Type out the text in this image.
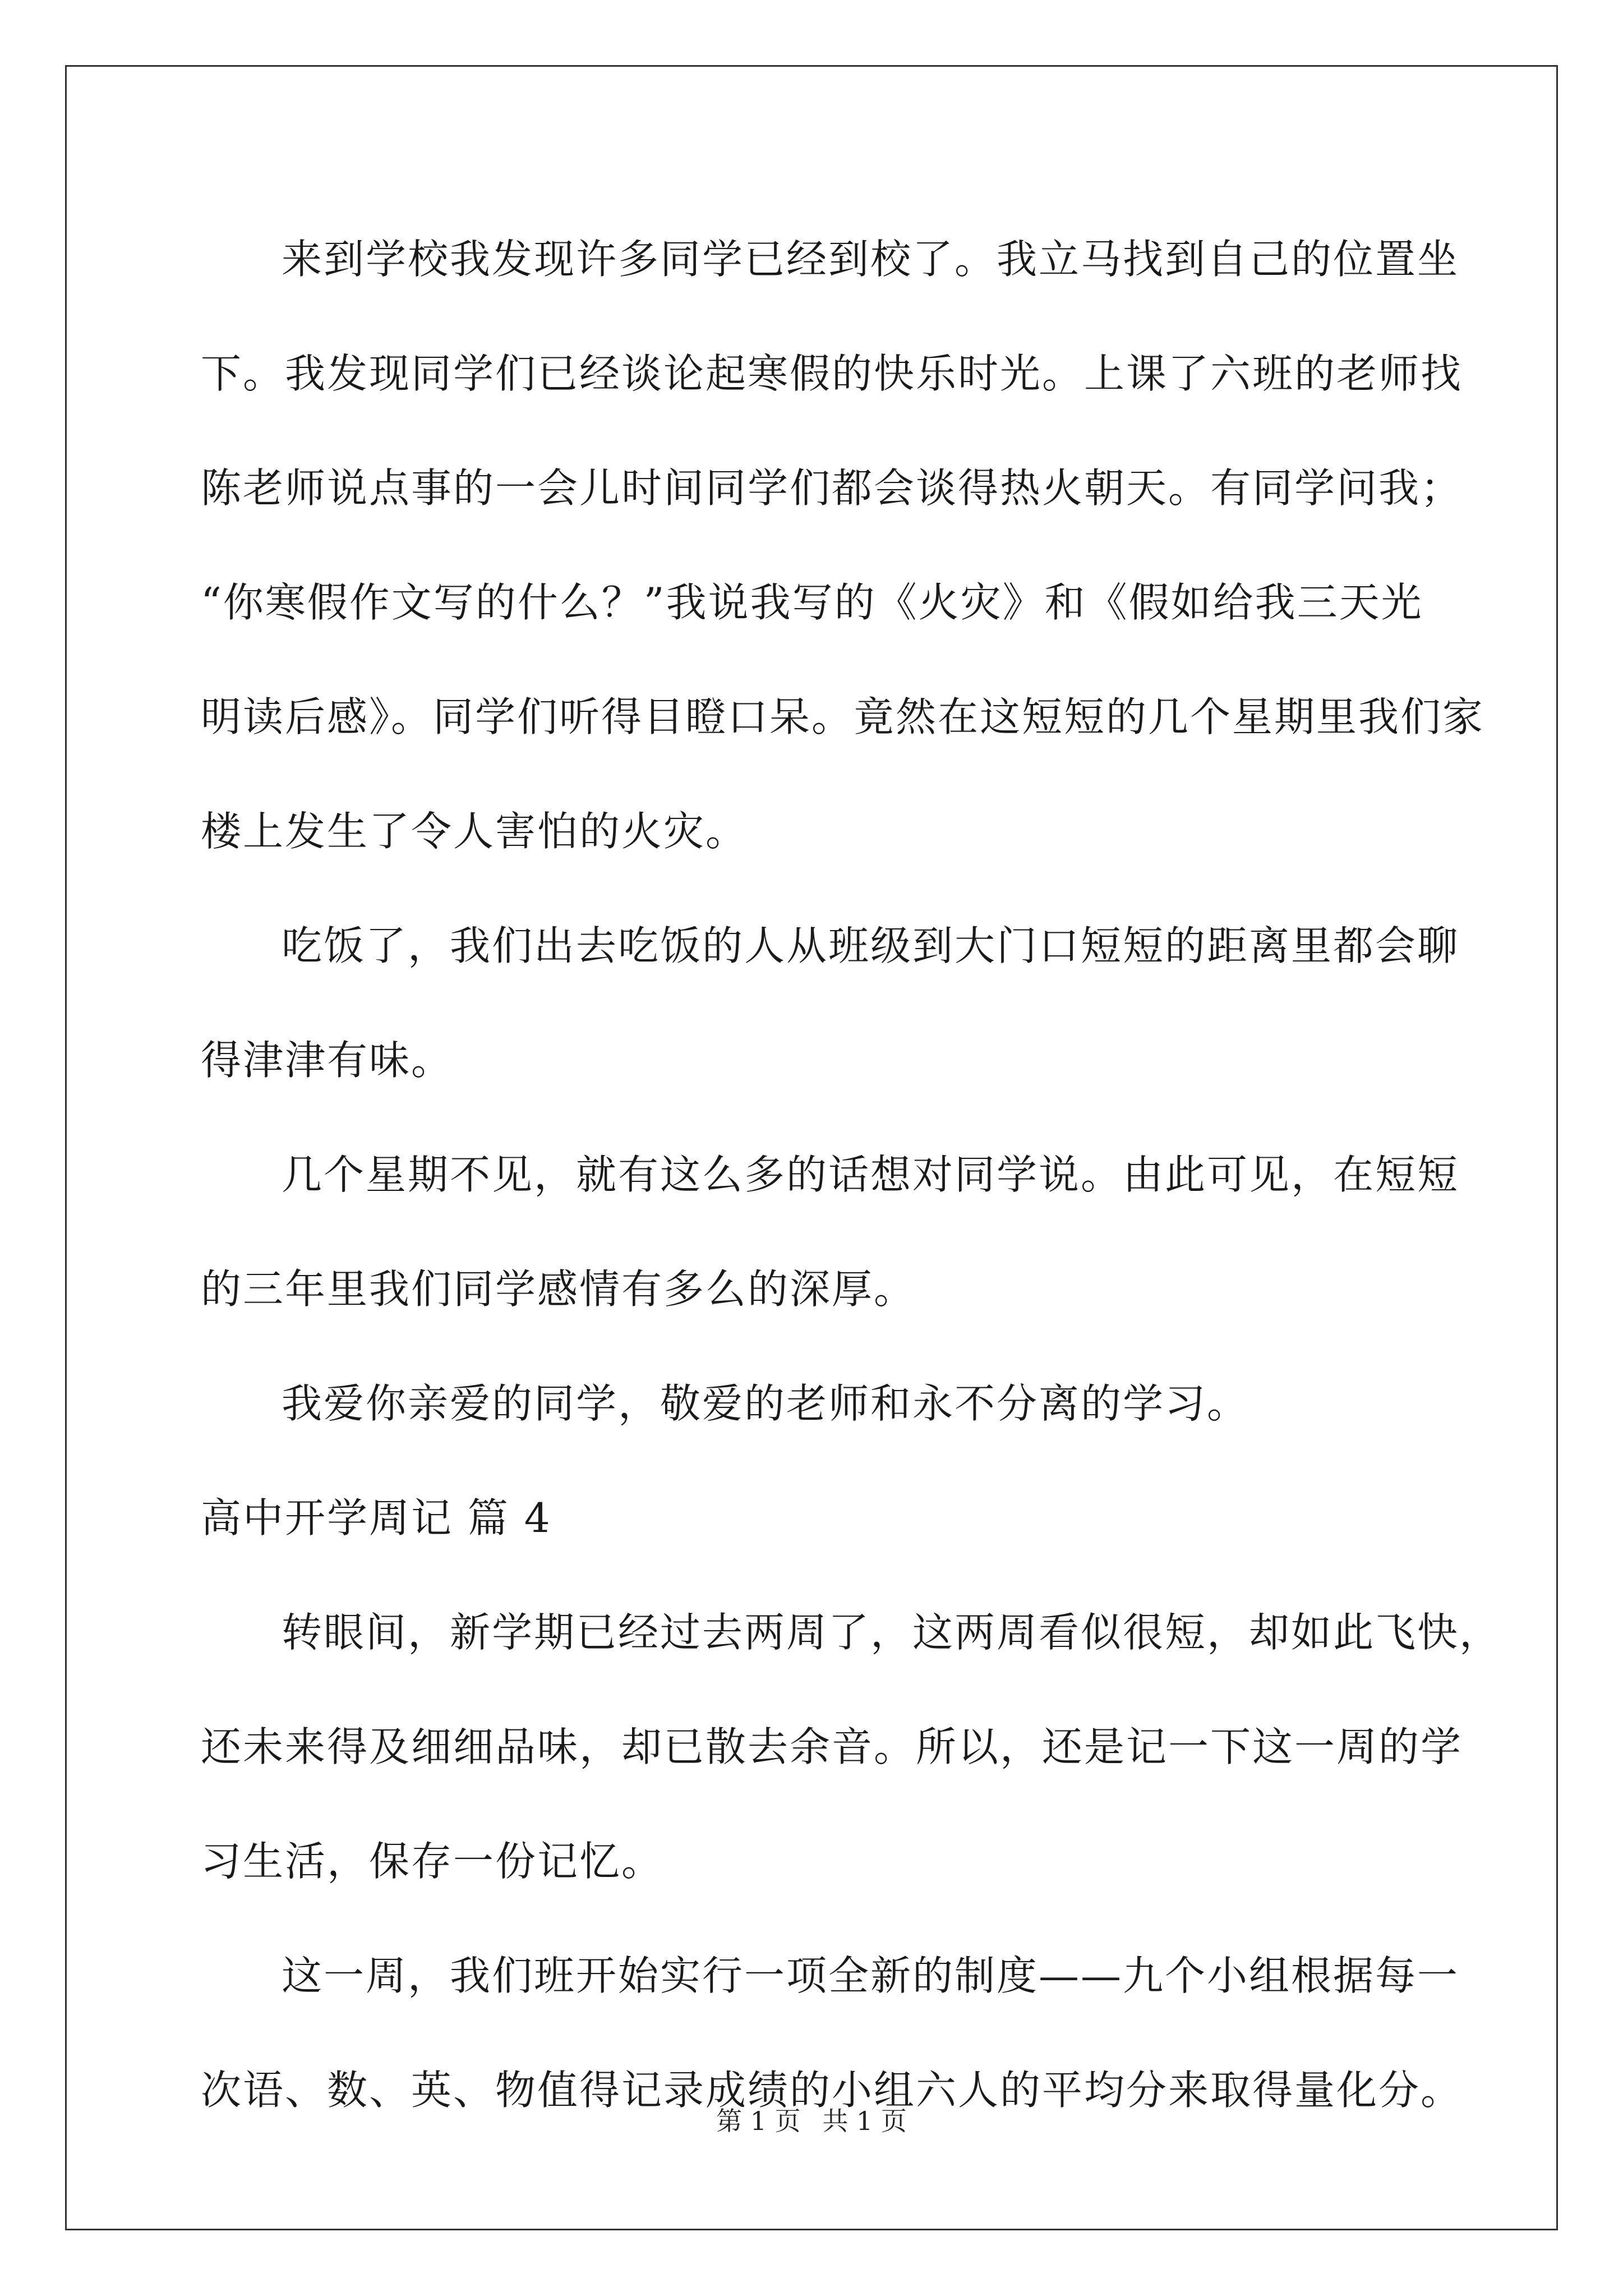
来到学校我发现许多同学已经到校了。我立马找到自己的位置坐
下。我发现同学们已经谈论起寒假的快乐时光。上课了六班的老师找
陈老师说点事的一会儿时间同学们都会谈得热火朝天。有同学问我；
“你寒假作文写的什么？”我说我写的《火灾》和《假如给我三天光
明读后感》。同学们听得目瞪口呆。竟然在这短短的几个星期里我们家
楼上发生了令人害怕的火灾。

吃饭了，我们出去吃饭的人从班级到大门口短短的距离里都会聊
得津津有味。

几个星期不见，就有这么多的话想对同学说。由此可见，在短短
的三年里我们同学感情有多么的深厚。

我爱你亲爱的同学，敬爱的老师和永不分离的学习。

高中开学周记 篇 4

转眼间，新学期已经过去两周了，这两周看似很短，却如此飞快，
还未来得及细细品味，却已散去余音。所以，还是记一下这一周的学
习生活，保存一份记忆。

这一周，我们班开始实行一项全新的制度——九个小组根据每一
次语、数、英、物值得记录成绩的小组六人的平均分来取得量化分。

第 1 页 共 1 页
